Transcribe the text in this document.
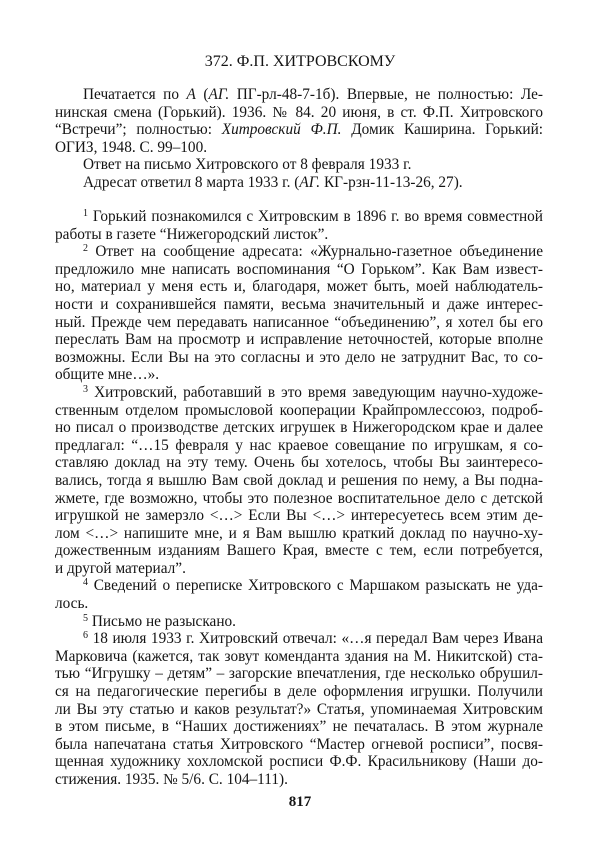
372. Ф.П. ХИТРОВСКОМУ
Печатается по А (АГ. ПГ-рл-48-7-1б). Впервые, не полностью: Ле-
нинская смена (Горький). 1936. № 84. 20 июня, в ст. Ф.П. Хитровского
“Встречи”; полностью: Хитровский Ф.П. Домик Каширина. Горький:
ОГИЗ, 1948. С. 99–100.
Ответ на письмо Хитровского от 8 февраля 1933 г.
Адресат ответил 8 марта 1933 г. (АГ. КГ-рзн-11-13-26, 27).
$^1$ Горький познакомился с Хитровским в 1896 г. во время совместной
работы в газете “Нижегородский листок”.
$^2$ Ответ на сообщение адресата: «Журнально-газетное объединение
предложило мне написать воспоминания “О Горьком”. Как Вам извест-
но, материал у меня есть и, благодаря, может быть, моей наблюдатель-
ности и сохранившейся памяти, весьма значительный и даже интерес-
ный. Прежде чем передавать написанное “объединению”, я хотел бы его
переслать Вам на просмотр и исправление неточностей, которые вполне
возможны. Если Вы на это согласны и это дело не затруднит Вас, то со-
общите мне…».
$^3$ Хитровский, работавший в это время заведующим научно-художе-
ственным отделом промысловой кооперации Крайпромлессоюз, подроб-
но писал о производстве детских игрушек в Нижегородском крае и далее
предлагал: “…15 февраля у нас краевое совещание по игрушкам, я со-
ставляю доклад на эту тему. Очень бы хотелось, чтобы Вы заинтересо-
вались, тогда я вышлю Вам свой доклад и решения по нему, а Вы подна-
жмете, где возможно, чтобы это полезное воспитательное дело с детской
игрушкой не замерзло <…> Если Вы <…> интересуетесь всем этим де-
лом <…> напишите мне, и я Вам вышлю краткий доклад по научно-ху-
дожественным изданиям Вашего Края, вместе с тем, если потребуется,
и другой материал”.
$^4$ Сведений о переписке Хитровского с Маршаком разыскать не уда-
лось.
$^5$ Письмо не разыскано.
$^6$ 18 июля 1933 г. Хитровский отвечал: «…я передал Вам через Ивана
Марковича (кажется, так зовут коменданта здания на М. Никитской) ста-
тью “Игрушку – детям” – загорские впечатления, где несколько обрушил-
ся на педагогические перегибы в деле оформления игрушки. Получили
ли Вы эту статью и каков результат?» Статья, упоминаемая Хитровским
в этом письме, в “Наших достижениях” не печаталась. В этом журнале
была напечатана статья Хитровского “Мастер огневой росписи”, посвя-
щенная художнику хохломской росписи Ф.Ф. Красильникову (Наши до-
стижения. 1935. № 5/6. С. 104–111).
817
